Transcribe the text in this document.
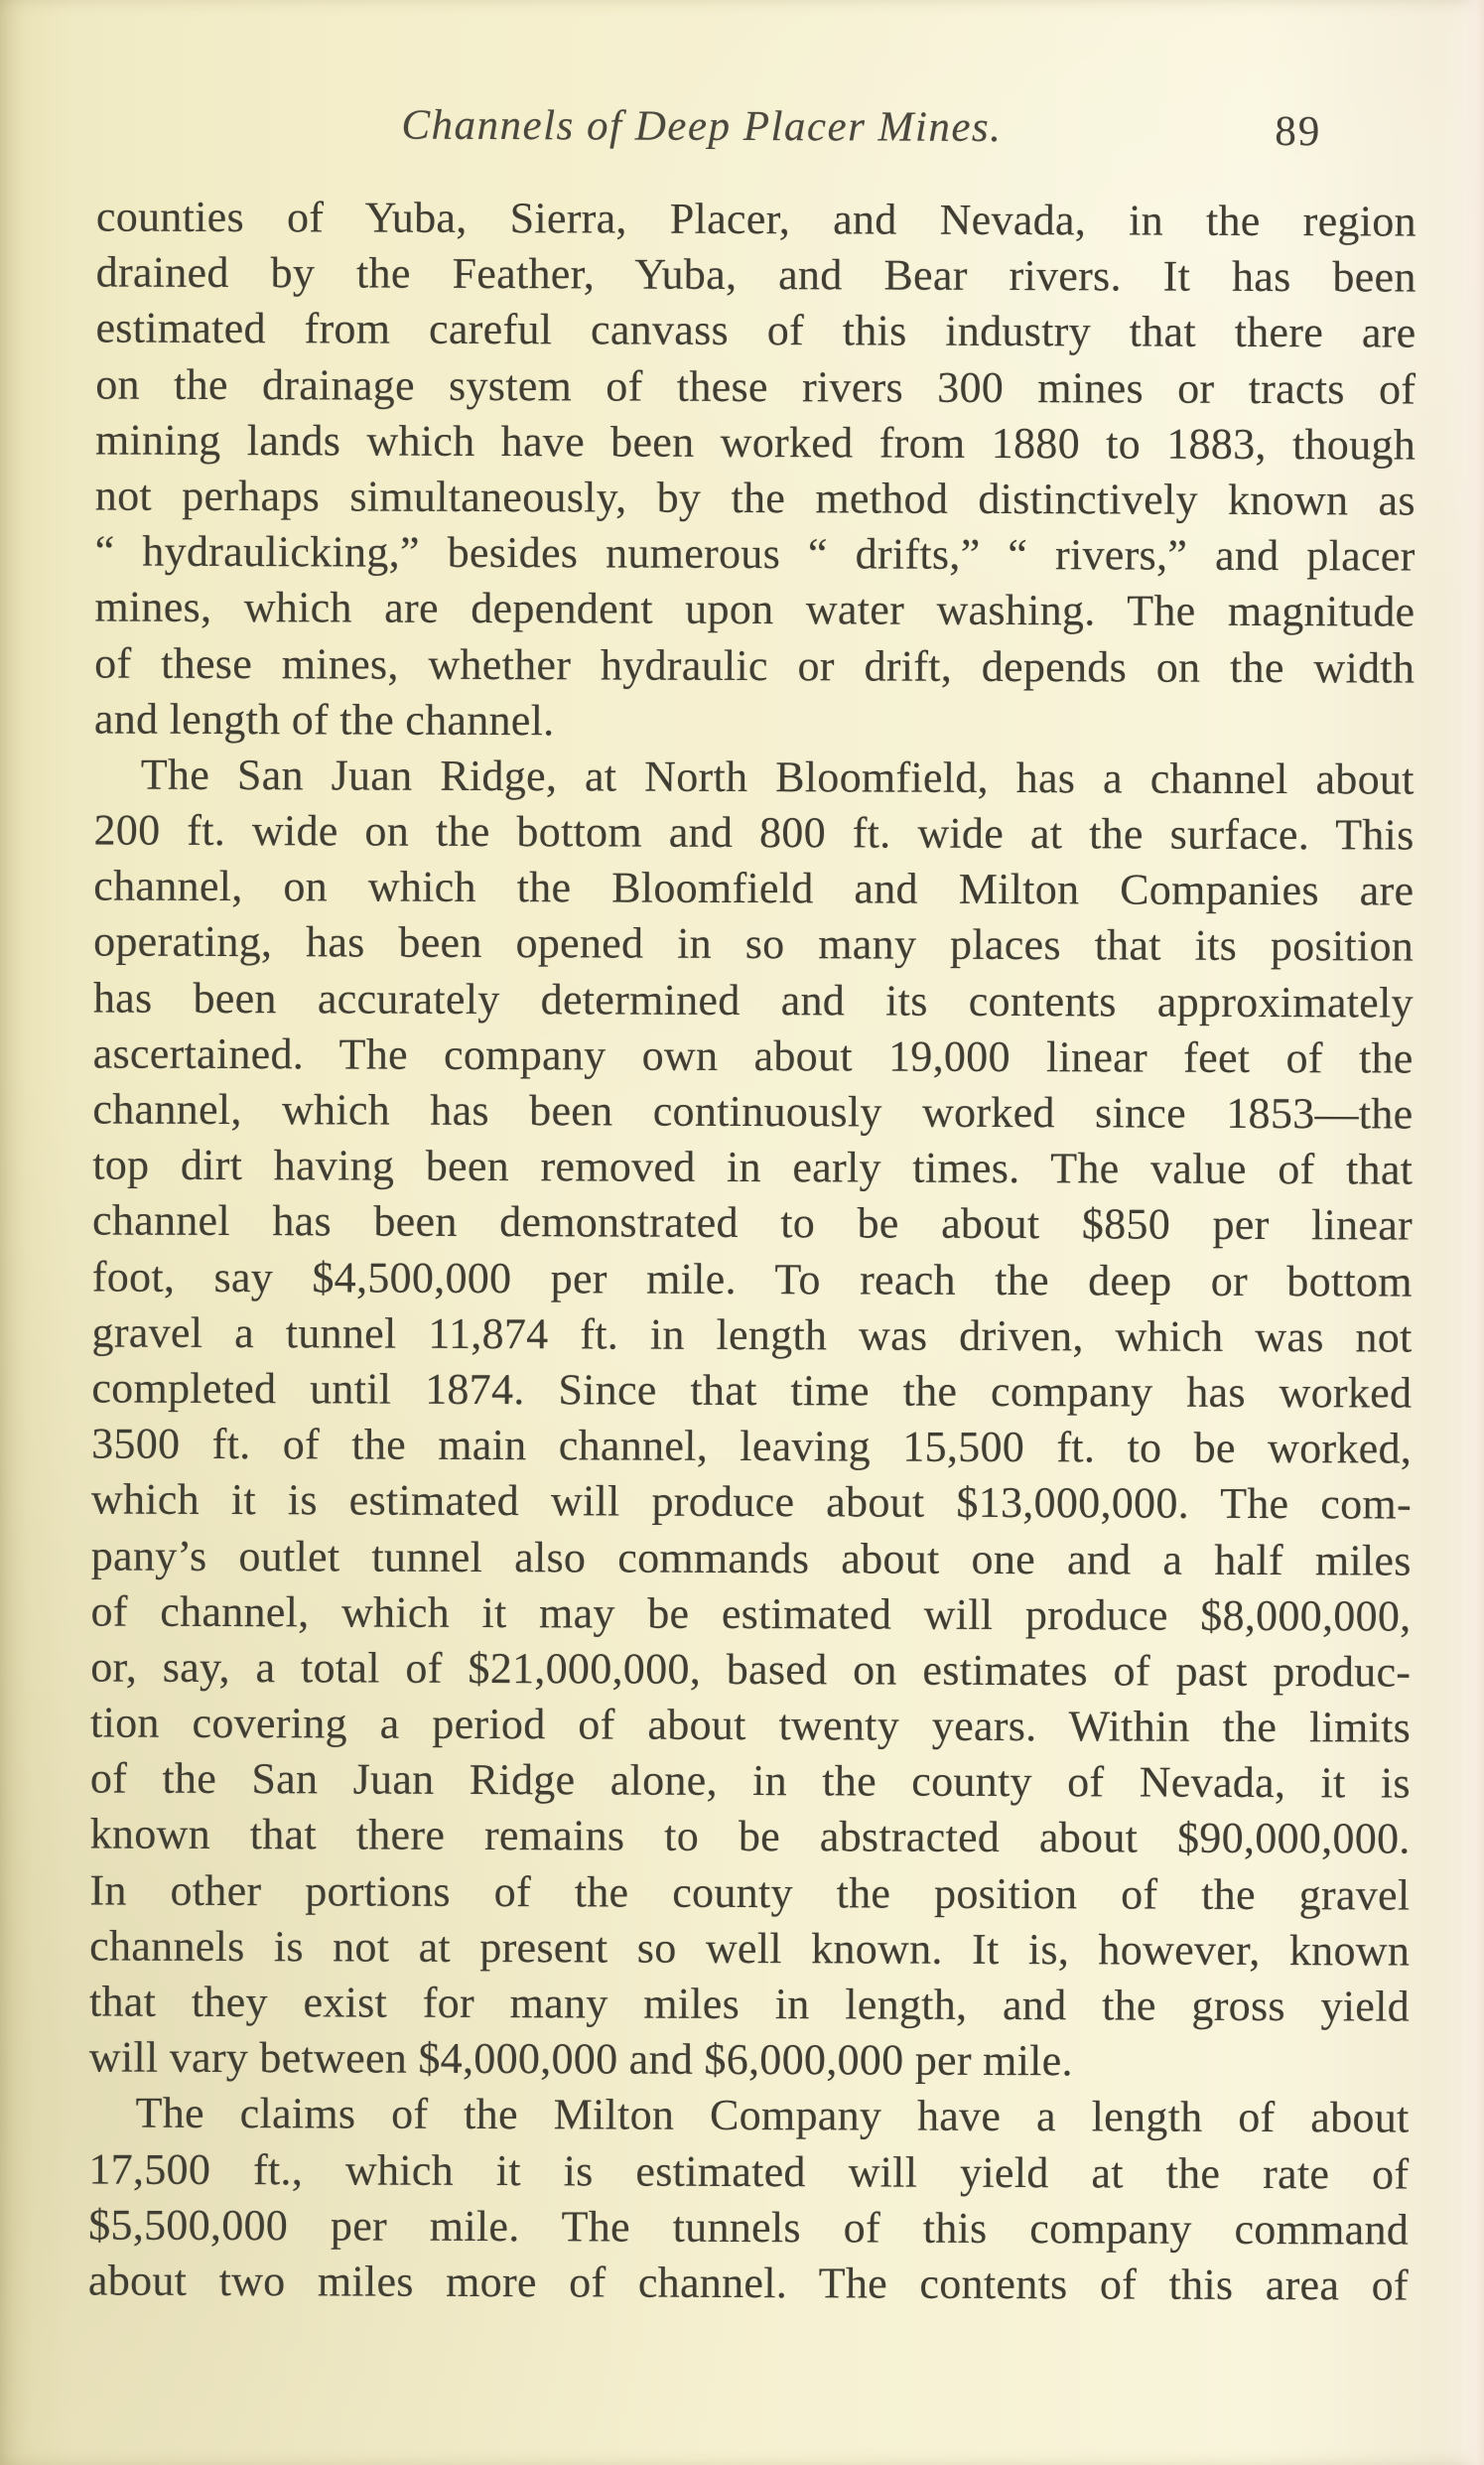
Channels of Deep Placer Mines.	89
counties of Yuba, Sierra, Placer, and Nevada, in the region
drained by the Feather, Yuba, and Bear rivers. It has been
estimated from careful canvass of this industry that there are
on the drainage system of these rivers 300 mines or tracts of
mining lands which have been worked from 1880 to 1883, though
not perhaps simultaneously, by the method distinctively known as
“ hydraulicking,” besides numerous “ drifts,” “ rivers,” and placer
mines, which are dependent upon water washing. The magnitude
of these mines, whether hydraulic or drift, depends on the width
and length of the channel.
The San Juan Ridge, at North Bloomfield, has a channel about
200 ft. wide on the bottom and 800 ft. wide at the surface. This
channel, on which the Bloomfield and Milton Companies are
operating, has been opened in so many places that its position
has been accurately determined and its contents approximately
ascertained. The company own about 19,000 linear feet of the
channel, which has been continuously worked since 1853—the
top dirt having been removed in early times. The value of that
channel has been demonstrated to be about $850 per linear
foot, say $4,500,000 per mile. To reach the deep or bottom
gravel a tunnel 11,874 ft. in length was driven, which was not
completed until 1874. Since that time the company has worked
3500 ft. of the main channel, leaving 15,500 ft. to be worked,
which it is estimated will produce about $13,000,000. The com-
pany’s outlet tunnel also commands about one and a half miles
of channel, which it may be estimated will produce $8,000,000,
or, say, a total of $21,000,000, based on estimates of past produc-
tion covering a period of about twenty years. Within the limits
of the San Juan Ridge alone, in the county of Nevada, it is
known that there remains to be abstracted about $90,000,000.
In other portions of the county the position of the gravel
channels is not at present so well known. It is, however, known
that they exist for many miles in length, and the gross yield
will vary between $4,000,000 and $6,000,000 per mile.
The claims of the Milton Company have a length of about
17,500 ft., which it is estimated will yield at the rate of
$5,500,000 per mile. The tunnels of this company command
about two miles more of channel. The contents of this area of
